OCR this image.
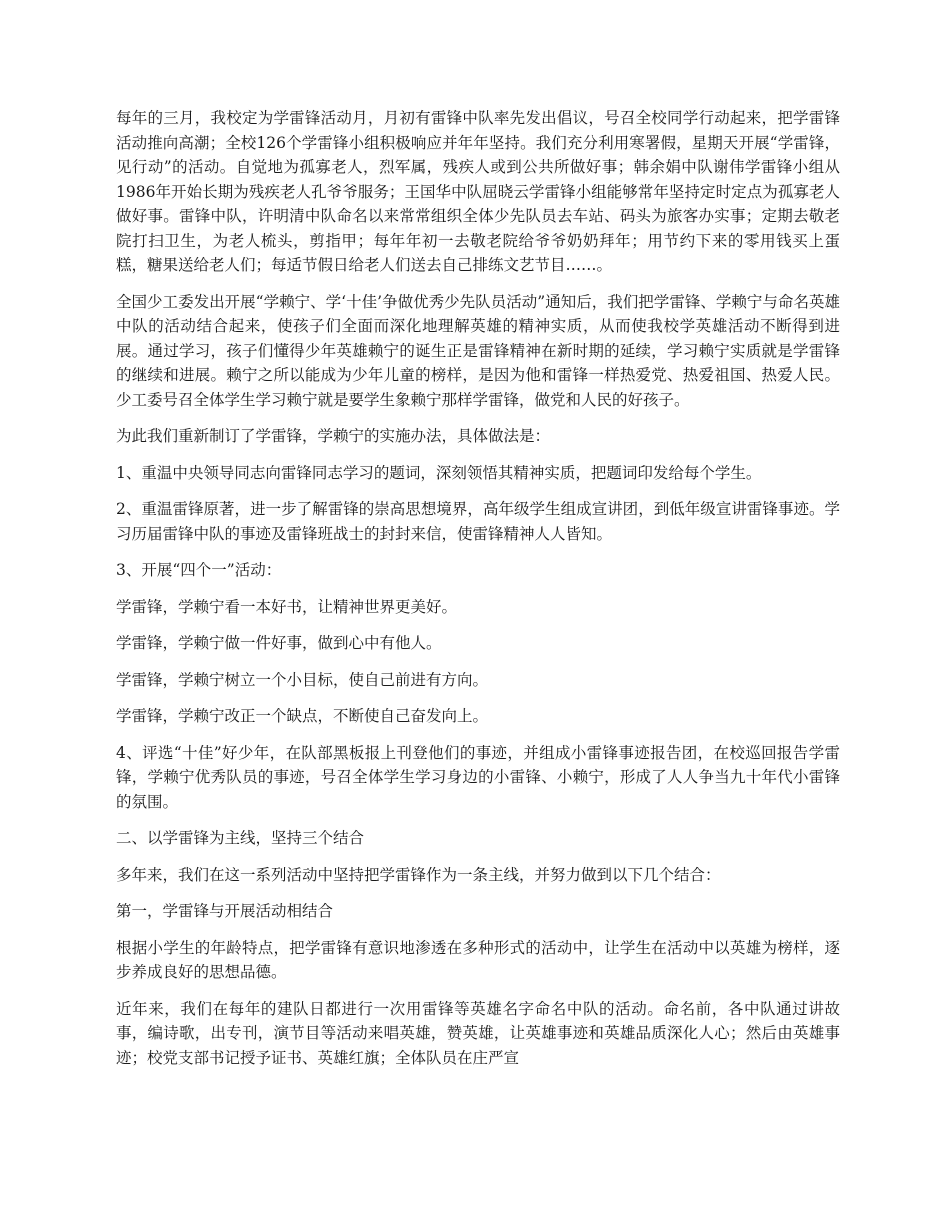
每年的三月，我校定为学雷锋活动月，月初有雷锋中队率先发出倡议，号召全校同学行动起来，把学雷锋活动推向高潮；全校126个学雷锋小组积极响应并年年坚持。我们充分利用寒署假，星期天开展“学雷锋，见行动”的活动。自觉地为孤寡老人，烈军属，残疾人或到公共所做好事；韩余娟中队谢伟学雷锋小组从1986年开始长期为残疾老人孔爷爷服务；王国华中队屈晓云学雷锋小组能够常年坚持定时定点为孤寡老人做好事。雷锋中队，许明清中队命名以来常常组织全体少先队员去车站、码头为旅客办实事；定期去敬老院打扫卫生，为老人梳头，剪指甲；每年年初一去敬老院给爷爷奶奶拜年；用节约下来的零用钱买上蛋糕，糖果送给老人们；每适节假日给老人们送去自己排练文艺节目……。

全国少工委发出开展“学赖宁、学‘十佳’争做优秀少先队员活动”通知后，我们把学雷锋、学赖宁与命名英雄中队的活动结合起来，使孩子们全面而深化地理解英雄的精神实质，从而使我校学英雄活动不断得到进展。通过学习，孩子们懂得少年英雄赖宁的诞生正是雷锋精神在新时期的延续，学习赖宁实质就是学雷锋的继续和进展。赖宁之所以能成为少年儿童的榜样，是因为他和雷锋一样热爱党、热爱祖国、热爱人民。少工委号召全体学生学习赖宁就是要学生象赖宁那样学雷锋，做党和人民的好孩子。

为此我们重新制订了学雷锋，学赖宁的实施办法，具体做法是：

1、重温中央领导同志向雷锋同志学习的题词，深刻领悟其精神实质，把题词印发给每个学生。

2、重温雷锋原著，进一步了解雷锋的崇高思想境界，高年级学生组成宣讲团，到低年级宣讲雷锋事迹。学习历届雷锋中队的事迹及雷锋班战士的封封来信，使雷锋精神人人皆知。

3、开展“四个一”活动：

学雷锋，学赖宁看一本好书，让精神世界更美好。

学雷锋，学赖宁做一件好事，做到心中有他人。

学雷锋，学赖宁树立一个小目标，使自己前进有方向。

学雷锋，学赖宁改正一个缺点，不断使自己奋发向上。

4、评选“十佳”好少年，在队部黑板报上刊登他们的事迹，并组成小雷锋事迹报告团，在校巡回报告学雷锋，学赖宁优秀队员的事迹，号召全体学生学习身边的小雷锋、小赖宁，形成了人人争当九十年代小雷锋的氛围。

二、以学雷锋为主线，坚持三个结合

多年来，我们在这一系列活动中坚持把学雷锋作为一条主线，并努力做到以下几个结合：

第一，学雷锋与开展活动相结合

根据小学生的年龄特点，把学雷锋有意识地渗透在多种形式的活动中，让学生在活动中以英雄为榜样，逐步养成良好的思想品德。

近年来，我们在每年的建队日都进行一次用雷锋等英雄名字命名中队的活动。命名前，各中队通过讲故事，编诗歌，出专刊，演节目等活动来唱英雄，赞英雄，让英雄事迹和英雄品质深化人心；然后由英雄事迹；校党支部书记授予证书、英雄红旗；全体队员在庄严宣
